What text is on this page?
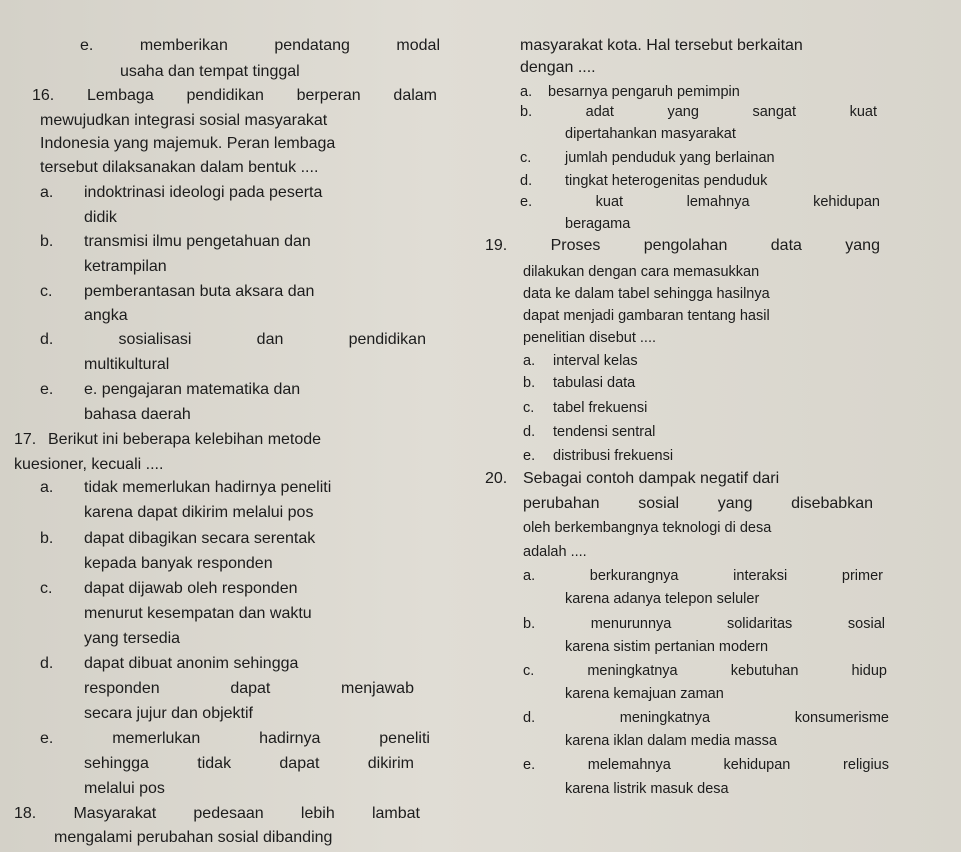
e.	memberikan	pendatang	modal
usaha dan tempat tinggal
16. Lembaga pendidikan berperan dalam
mewujudkan integrasi sosial masyarakat
Indonesia yang majemuk. Peran lembaga
tersebut dilaksanakan dalam bentuk ....
a. indoktrinasi ideologi pada peserta
didik
b. transmisi ilmu pengetahuan dan
ketrampilan
c. pemberantasan buta aksara dan
angka
d.	sosialisasi	dan	pendidikan
multikultural
e. e. pengajaran matematika dan
bahasa daerah
17. Berikut ini beberapa kelebihan metode
kuesioner, kecuali ....
a. tidak memerlukan hadirnya peneliti
karena dapat dikirim melalui pos
b. dapat dibagikan secara serentak
kepada banyak responden
c. dapat dijawab oleh responden
menurut kesempatan dan waktu
yang tersedia
d. dapat dibuat anonim sehingga
responden	dapat	menjawab
secara jujur dan objektif
e.	memerlukan	hadirnya	peneliti
sehingga	tidak	dapat	dikirim
melalui pos
18. Masyarakat pedesaan lebih lambat
mengalami perubahan sosial dibanding
masyarakat kota. Hal tersebut berkaitan
dengan ....
a. besarnya pengaruh pemimpin
b.	adat	yang	sangat	kuat
dipertahankan masyarakat
c. jumlah penduduk yang berlainan
d. tingkat heterogenitas penduduk
e.	kuat	lemahnya	kehidupan
beragama
19.	Proses	pengolahan	data	yang
dilakukan dengan cara memasukkan
data ke dalam tabel sehingga hasilnya
dapat menjadi gambaran tentang hasil
penelitian disebut ....
a. interval kelas
b. tabulasi data
c. tabel frekuensi
d. tendensi sentral
e. distribusi frekuensi
20. Sebagai contoh dampak negatif dari
perubahan sosial yang disebabkan
oleh berkembangnya teknologi di desa
adalah ....
a.	berkurangnya	interaksi	primer
karena adanya telepon seluler
b.	menurunnya	solidaritas	sosial
karena sistim pertanian modern
c.	meningkatnya	kebutuhan	hidup
karena kemajuan zaman
d.	meningkatnya	konsumerisme
karena iklan dalam media massa
e.	melemahnya	kehidupan	religius
karena listrik masuk desa
